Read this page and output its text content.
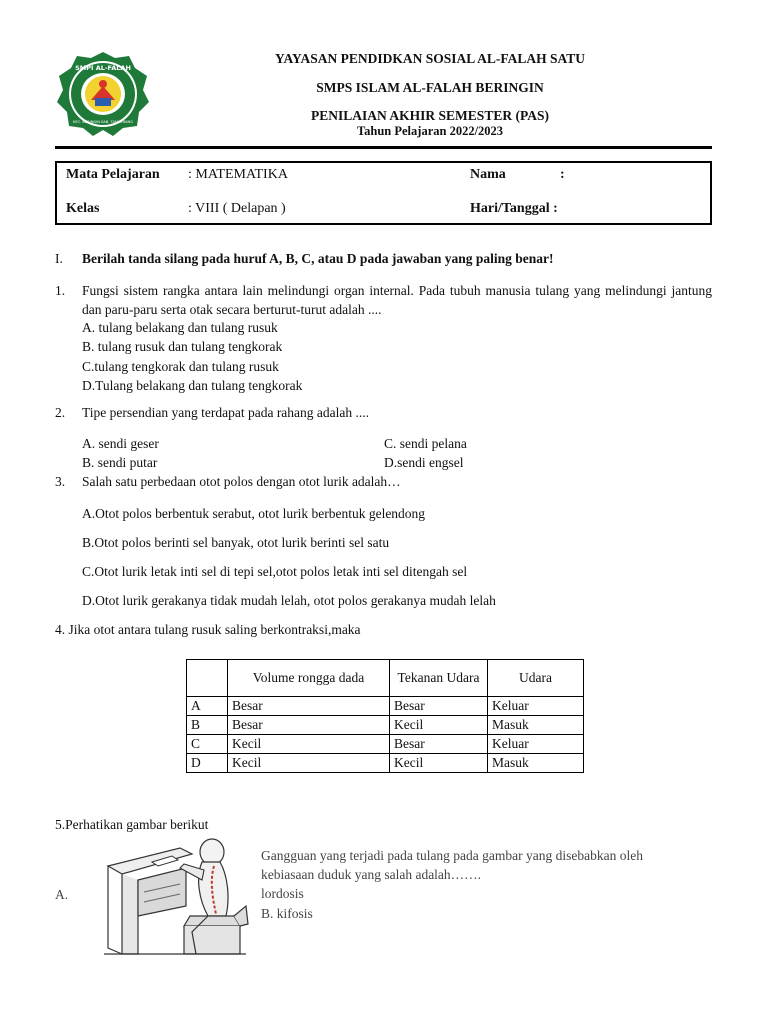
SMPI AL-FALAH
KEC. BERINGIN KAB. TANGERANG
YAYASAN PENDIDKAN SOSIAL AL-FALAH SATU
SMPS ISLAM AL-FALAH BERINGIN
PENILAIAN AKHIR SEMESTER (PAS)
Tahun Pelajaran 2022/2023
Mata Pelajaran : MATEMATIKA	Nama	:
Kelas	: VIII ( Delapan )	Hari/Tanggal :
I. Berilah tanda silang pada huruf A, B, C, atau D pada jawaban yang paling benar!
1. Fungsi sistem rangka antara lain melindungi organ internal. Pada tubuh manusia tulang yang melindungi jantung dan paru-paru serta otak secara berturut-turut adalah ....
A. tulang belakang dan tulang rusuk
B. tulang rusuk dan tulang tengkorak
C.tulang tengkorak dan tulang rusuk
D.Tulang belakang dan tulang tengkorak
2. Tipe persendian yang terdapat pada rahang adalah ....
A. sendi geser
B. sendi putar
C. sendi pelana
D.sendi engsel
3. Salah satu perbedaan otot polos dengan otot lurik adalah…
A.Otot polos berbentuk serabut, otot lurik berbentuk gelendong
B.Otot polos berinti sel banyak, otot lurik berinti sel satu
C.Otot lurik letak inti sel di tepi sel,otot polos letak inti sel ditengah sel
D.Otot lurik gerakanya tidak mudah lelah, otot polos gerakanya mudah lelah
4. Jika otot antara tulang rusuk saling berkontraksi,maka
	Volume rongga dada	Tekanan Udara	Udara
A	Besar	Besar	Keluar
B	Besar	Kecil	Masuk
C	Kecil	Besar	Keluar
D	Kecil	Kecil	Masuk
5.Perhatikan gambar berikut
Gangguan yang terjadi pada tulang pada gambar yang disebabkan oleh
kebiasaan duduk yang salah adalah…….
A.	lordosis
B. kifosis
